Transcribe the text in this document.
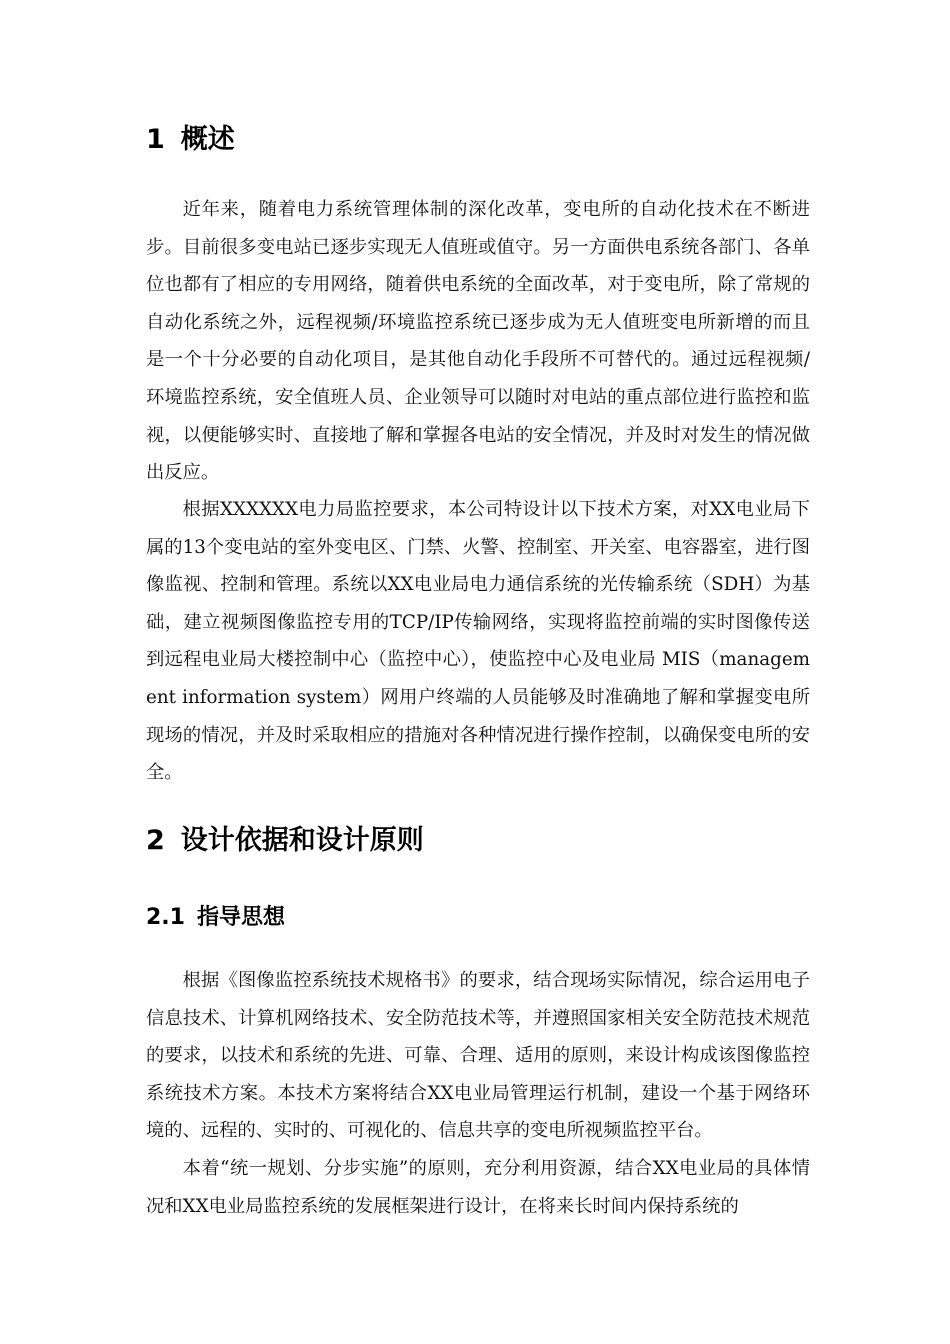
1 概述

近年来，随着电力系统管理体制的深化改革，变电所的自动化技术在不断进步。目前很多变电站已逐步实现无人值班或值守。另一方面供电系统各部门、各单位也都有了相应的专用网络，随着供电系统的全面改革，对于变电所，除了常规的自动化系统之外，远程视频/环境监控系统已逐步成为无人值班变电所新增的而且是一个十分必要的自动化项目，是其他自动化手段所不可替代的。通过远程视频/环境监控系统，安全值班人员、企业领导可以随时对电站的重点部位进行监控和监视，以便能够实时、直接地了解和掌握各电站的安全情况，并及时对发生的情况做出反应。

根据XXXXXX电力局监控要求，本公司特设计以下技术方案，对XX电业局下属的13个变电站的室外变电区、门禁、火警、控制室、开关室、电容器室，进行图像监视、控制和管理。系统以XX电业局电力通信系统的光传输系统（SDH）为基础，建立视频图像监控专用的TCP/IP传输网络，实现将监控前端的实时图像传送到远程电业局大楼控制中心（监控中心），使监控中心及电业局 MIS（management information system）网用户终端的人员能够及时准确地了解和掌握变电所现场的情况，并及时采取相应的措施对各种情况进行操作控制，以确保变电所的安全。

2 设计依据和设计原则
2.1 指导思想

根据《图像监控系统技术规格书》的要求，结合现场实际情况，综合运用电子信息技术、计算机网络技术、安全防范技术等，并遵照国家相关安全防范技术规范的要求，以技术和系统的先进、可靠、合理、适用的原则，来设计构成该图像监控系统技术方案。本技术方案将结合XX电业局管理运行机制，建设一个基于网络环境的、远程的、实时的、可视化的、信息共享的变电所视频监控平台。

本着“统一规划、分步实施”的原则，充分利用资源，结合XX电业局的具体情况和XX电业局监控系统的发展框架进行设计，在将来长时间内保持系统的
